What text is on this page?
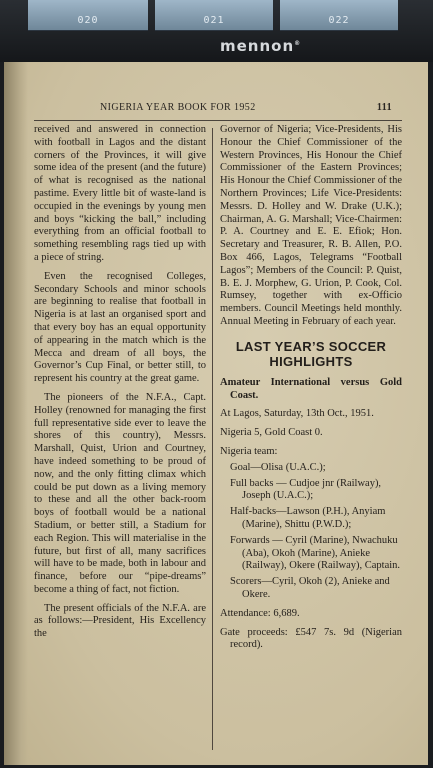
020	021	022
mennon®
NIGERIA YEAR BOOK FOR 1952	111

received and answered in connection with football in Lagos and the distant corners of the Provinces, it will give some idea of the present (and the future) of what is recognised as the national pastime. Every little bit of waste-land is occupied in the evenings by young men and boys “kicking the ball,” including everything from an official football to something resembling rags tied up with a piece of string.

Even the recognised Colleges, Secondary Schools and minor schools are beginning to realise that football in Nigeria is at last an organised sport and that every boy has an equal opportunity of appearing in the match which is the Mecca and dream of all boys, the Governor’s Cup Final, or better still, to represent his country at the great game.

The pioneers of the N.F.A., Capt. Holley (renowned for managing the first full representative side ever to leave the shores of this country), Messrs. Marshall, Quist, Urion and Courtney, have indeed something to be proud of now, and the only fitting climax which could be put down as a living memory to these and all the other back-room boys of football would be a national Stadium, or better still, a Stadium for each Region. This will materialise in the future, but first of all, many sacrifices will have to be made, both in labour and finance, before our “pipe-dreams” become a thing of fact, not fiction.

The present officials of the N.F.A. are as follows:—President, His Excellency the

Governor of Nigeria; Vice-Presidents, His Honour the Chief Commissioner of the Western Provinces, His Honour the Chief Commissioner of the Eastern Provinces; His Honour the Chief Commissioner of the Northern Provinces; Life Vice-Presidents: Messrs. D. Holley and W. Drake (U.K.); Chairman, A. G. Marshall; Vice-Chairmen: P. A. Courtney and E. E. Efiok; Hon. Secretary and Treasurer, R. B. Allen, P.O. Box 466, Lagos, Telegrams “Football Lagos”; Members of the Council: P. Quist, B. E. J. Morphew, G. Urion, P. Cook, Col. Rumsey, together with ex-Officio members. Council Meetings held monthly. Annual Meeting in February of each year.

LAST YEAR’S SOCCER HIGHLIGHTS

Amateur International versus Gold Coast.

At Lagos, Saturday, 13th Oct., 1951.

Nigeria 5, Gold Coast 0.

Nigeria team:

Goal—Olisa (U.A.C.);

Full backs — Cudjoe jnr (Railway), Joseph (U.A.C.);

Half-backs—Lawson (P.H.), Anyiam (Marine), Shittu (P.W.D.);

Forwards — Cyril (Marine), Nwachuku (Aba), Okoh (Marine), Anieke (Railway), Okere (Railway), Captain.

Scorers—Cyril, Okoh (2), Anieke and Okere.

Attendance: 6,689.

Gate proceeds: £547 7s. 9d (Nigerian record).
